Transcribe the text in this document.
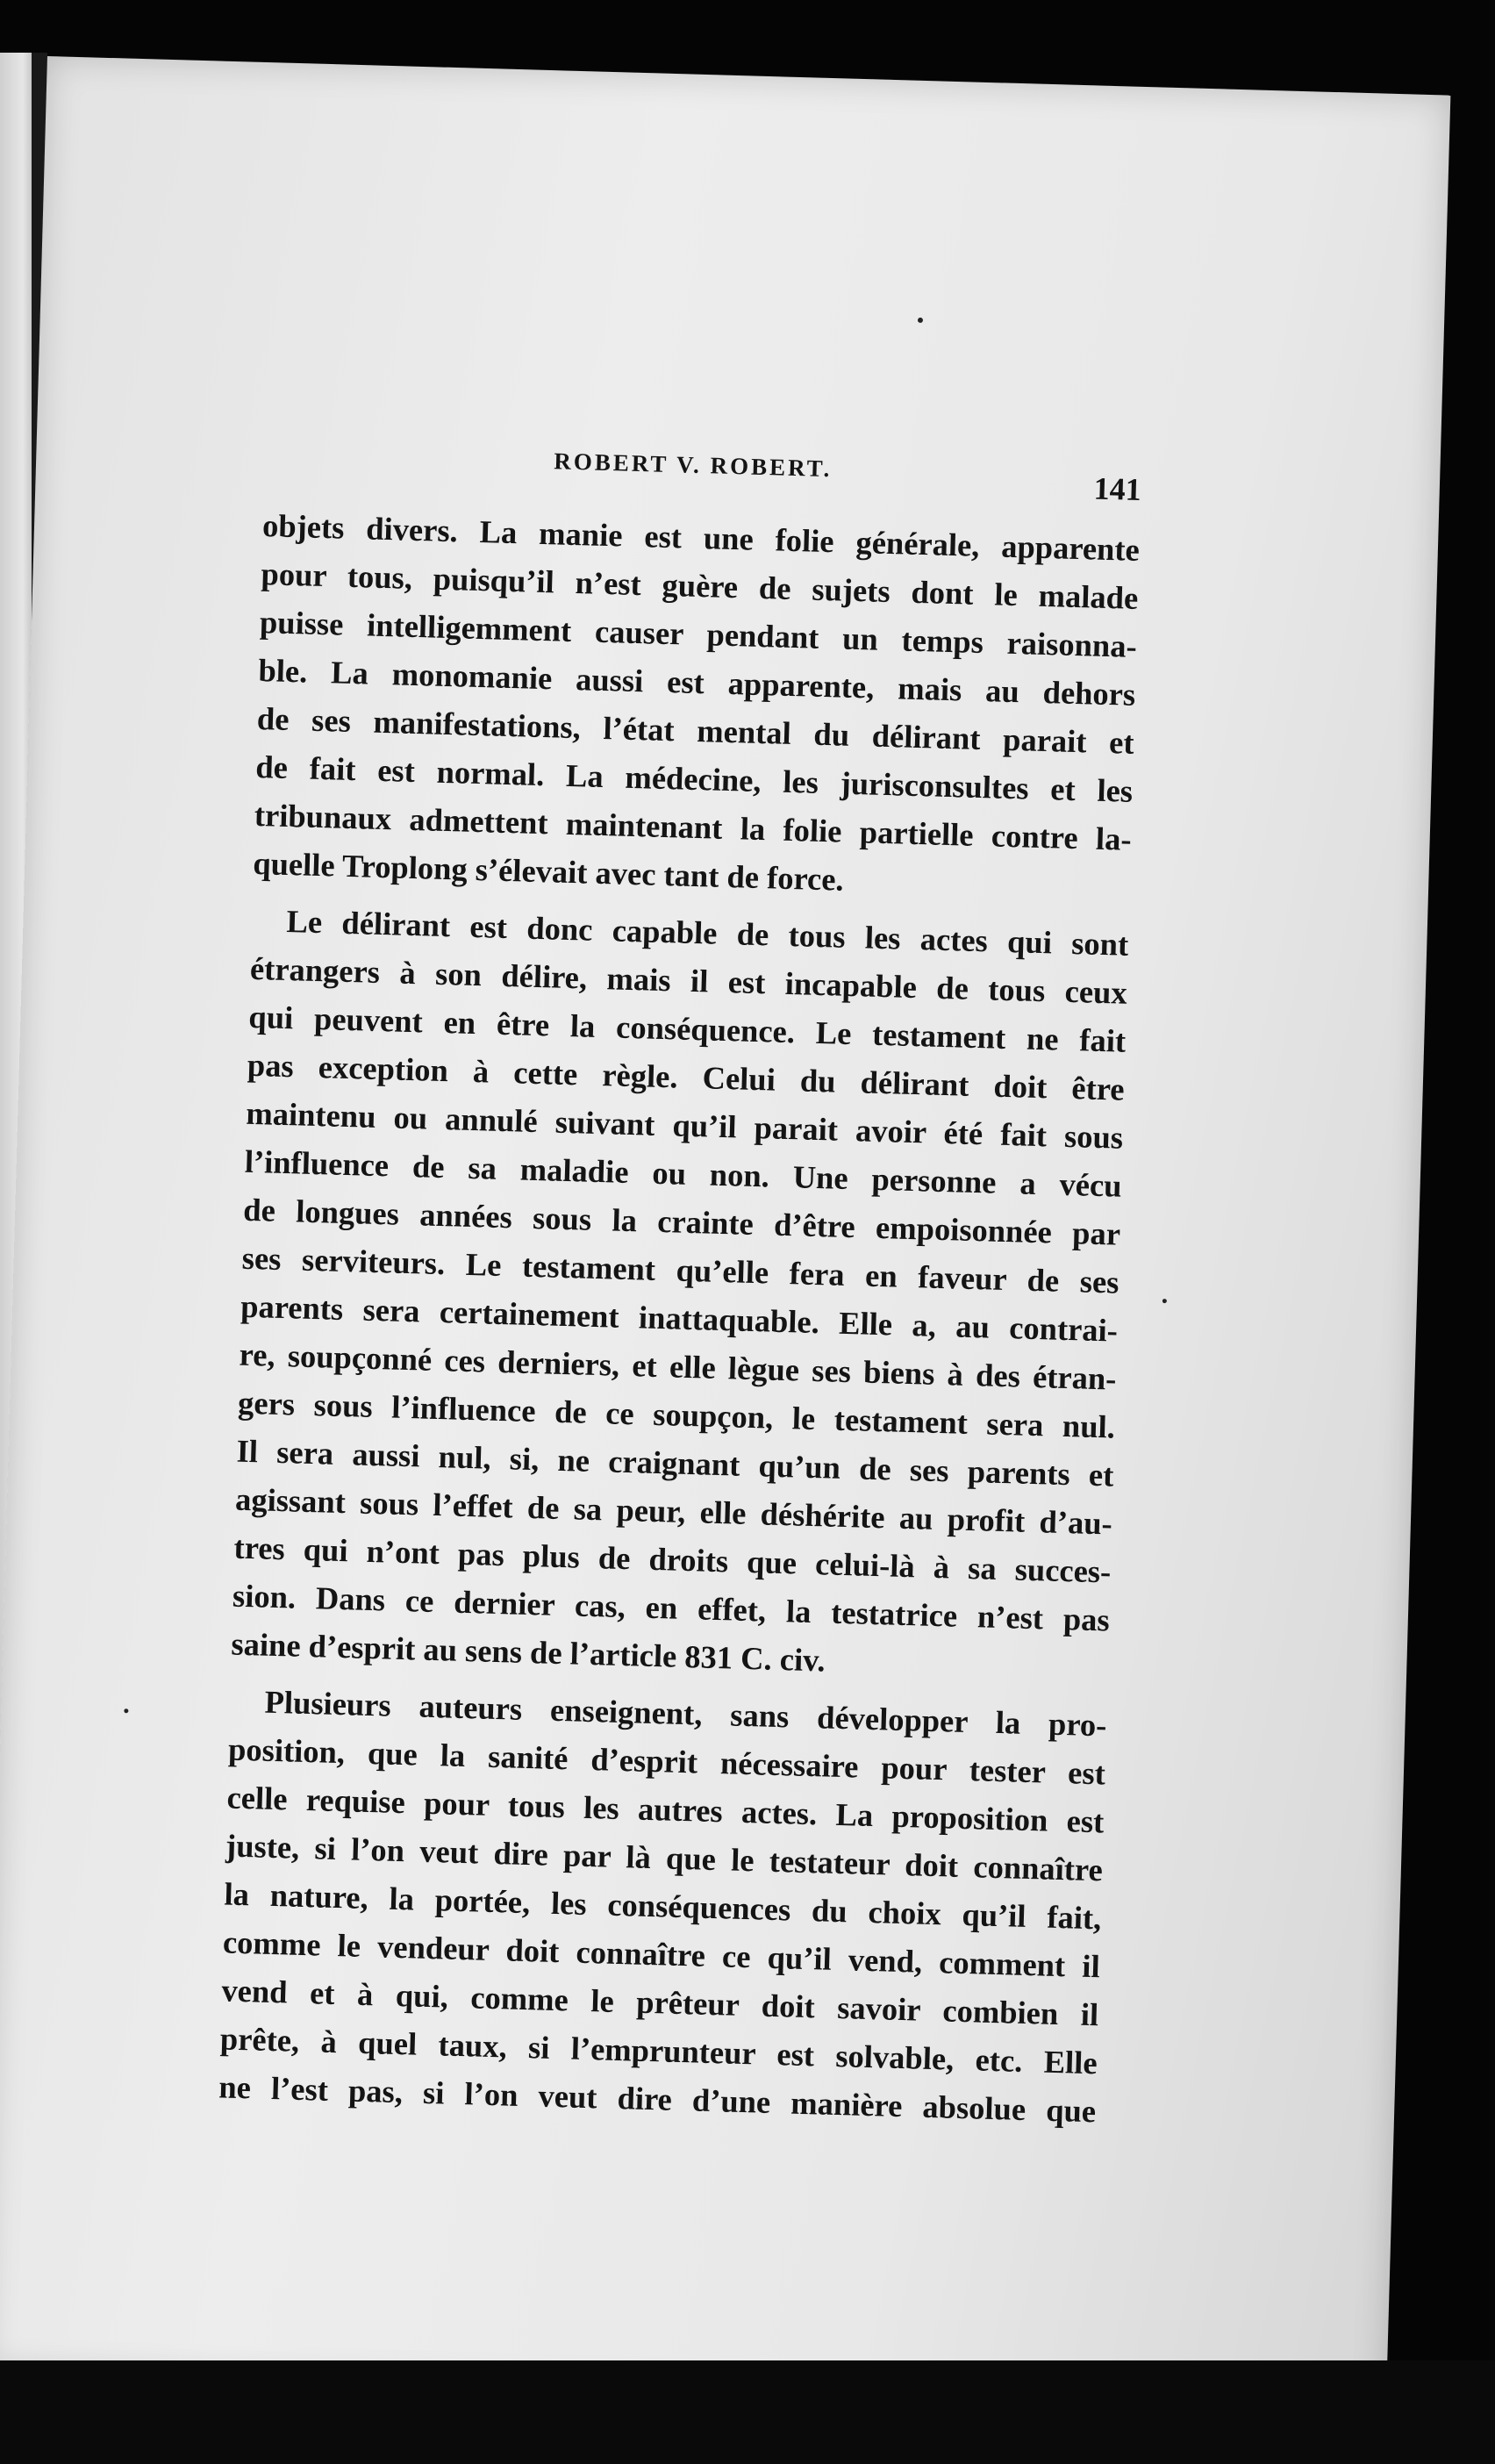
ROBERT V. ROBERT.
141

objets divers. La manie est une folie générale, apparente
pour tous, puisqu’il n’est guère de sujets dont le malade
puisse intelligemment causer pendant un temps raisonna-
ble. La monomanie aussi est apparente, mais au dehors
de ses manifestations, l’état mental du délirant parait et
de fait est normal. La médecine, les jurisconsultes et les
tribunaux admettent maintenant la folie partielle contre la-
quelle Troplong s’élevait avec tant de force.

Le délirant est donc capable de tous les actes qui sont
étrangers à son délire, mais il est incapable de tous ceux
qui peuvent en être la conséquence. Le testament ne fait
pas exception à cette règle. Celui du délirant doit être
maintenu ou annulé suivant qu’il parait avoir été fait sous
l’influence de sa maladie ou non. Une personne a vécu
de longues années sous la crainte d’être empoisonnée par
ses serviteurs. Le testament qu’elle fera en faveur de ses
parents sera certainement inattaquable. Elle a, au contrai-
re, soupçonné ces derniers, et elle lègue ses biens à des étran-
gers sous l’influence de ce soupçon, le testament sera nul.
Il sera aussi nul, si, ne craignant qu’un de ses parents et
agissant sous l’effet de sa peur, elle déshérite au profit d’au-
tres qui n’ont pas plus de droits que celui-là à sa succes-
sion. Dans ce dernier cas, en effet, la testatrice n’est pas
saine d’esprit au sens de l’article 831 C. civ.

Plusieurs auteurs enseignent, sans développer la pro-
position, que la sanité d’esprit nécessaire pour tester est
celle requise pour tous les autres actes. La proposition est
juste, si l’on veut dire par là que le testateur doit connaître
la nature, la portée, les conséquences du choix qu’il fait,
comme le vendeur doit connaître ce qu’il vend, comment il
vend et à qui, comme le prêteur doit savoir combien il
prête, à quel taux, si l’emprunteur est solvable, etc. Elle
ne l’est pas, si l’on veut dire d’une manière absolue que
